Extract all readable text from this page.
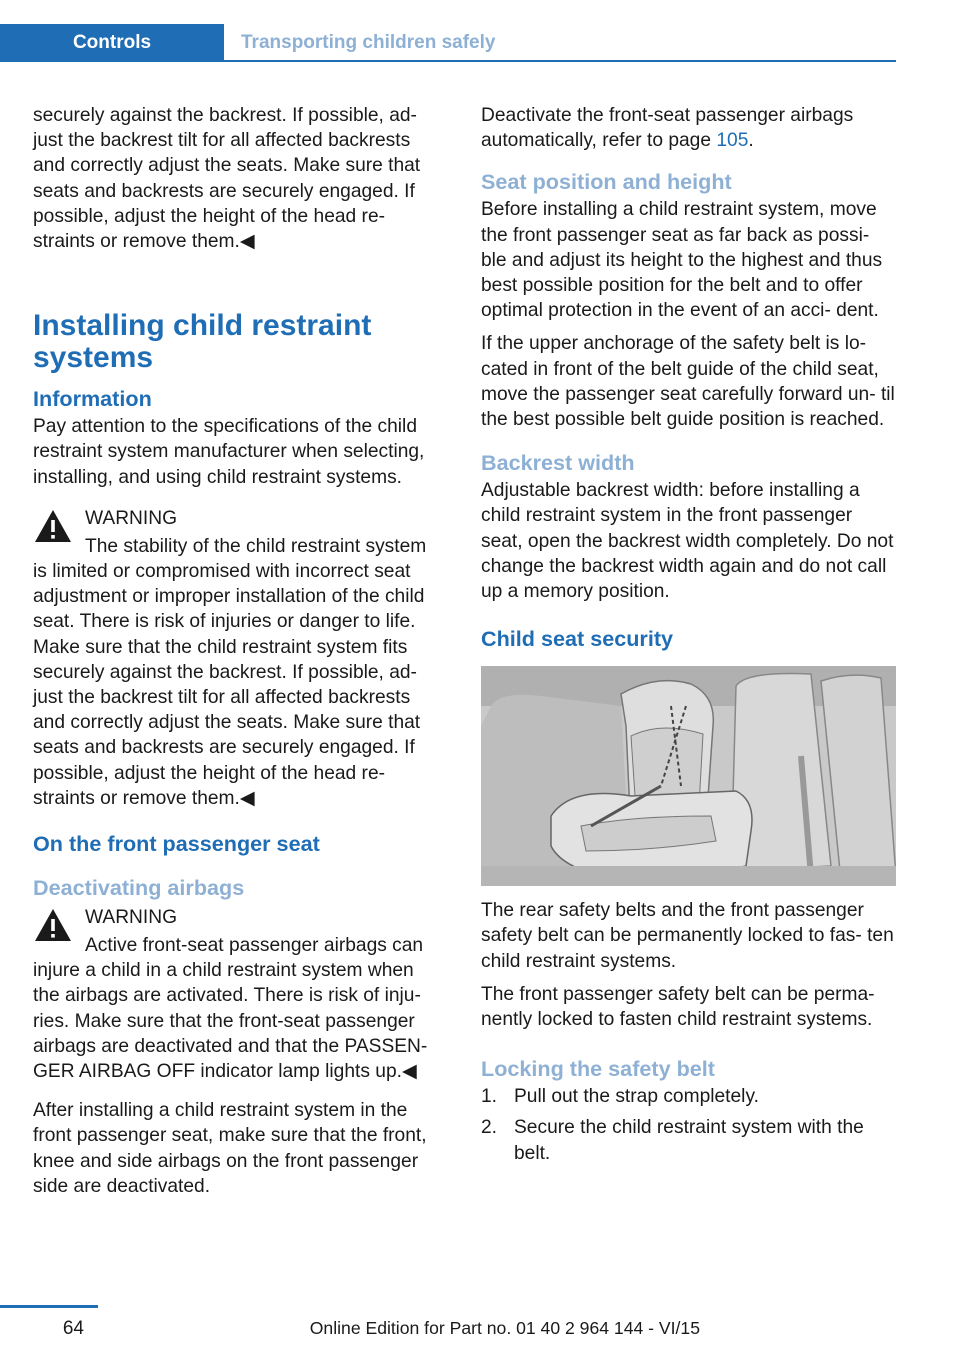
Controls	Transporting children safely

securely against the backrest. If possible, ad‐ just the backrest tilt for all affected backrests and correctly adjust the seats. Make sure that seats and backrests are securely engaged. If possible, adjust the height of the head re‐ straints or remove them.◀

Installing child restraint systems
Information

Pay attention to the specifications of the child restraint system manufacturer when selecting, installing, and using child restraint systems.

WARNING
The stability of the child restraint system is limited or compromised with incorrect seat adjustment or improper installation of the child seat. There is risk of injuries or danger to life. Make sure that the child restraint system fits securely against the backrest. If possible, ad‐ just the backrest tilt for all affected backrests and correctly adjust the seats. Make sure that seats and backrests are securely engaged. If possible, adjust the height of the head re‐ straints or remove them.◀
On the front passenger seat
Deactivating airbags
WARNING
Active front-seat passenger airbags can injure a child in a child restraint system when the airbags are activated. There is risk of inju‐ ries. Make sure that the front-seat passenger airbags are deactivated and that the PASSEN‐ GER AIRBAG OFF indicator lamp lights up.◀

After installing a child restraint system in the front passenger seat, make sure that the front, knee and side airbags on the front passenger side are deactivated.

Deactivate the front-seat passenger airbags automatically, refer to page 105.

Seat position and height

Before installing a child restraint system, move the front passenger seat as far back as possi‐ ble and adjust its height to the highest and thus best possible position for the belt and to offer optimal protection in the event of an acci‐ dent.

If the upper anchorage of the safety belt is lo‐ cated in front of the belt guide of the child seat, move the passenger seat carefully forward un‐ til the best possible belt guide position is reached.

Backrest width

Adjustable backrest width: before installing a child restraint system in the front passenger seat, open the backrest width completely. Do not change the backrest width again and do not call up a memory position.

Child seat security

The rear safety belts and the front passenger safety belt can be permanently locked to fas‐ ten child restraint systems.

The front passenger safety belt can be perma‐ nently locked to fasten child restraint systems.

Locking the safety belt
1. Pull out the strap completely.
2. Secure the child restraint system with the belt.
64	Online Edition for Part no. 01 40 2 964 144 - VI/15
